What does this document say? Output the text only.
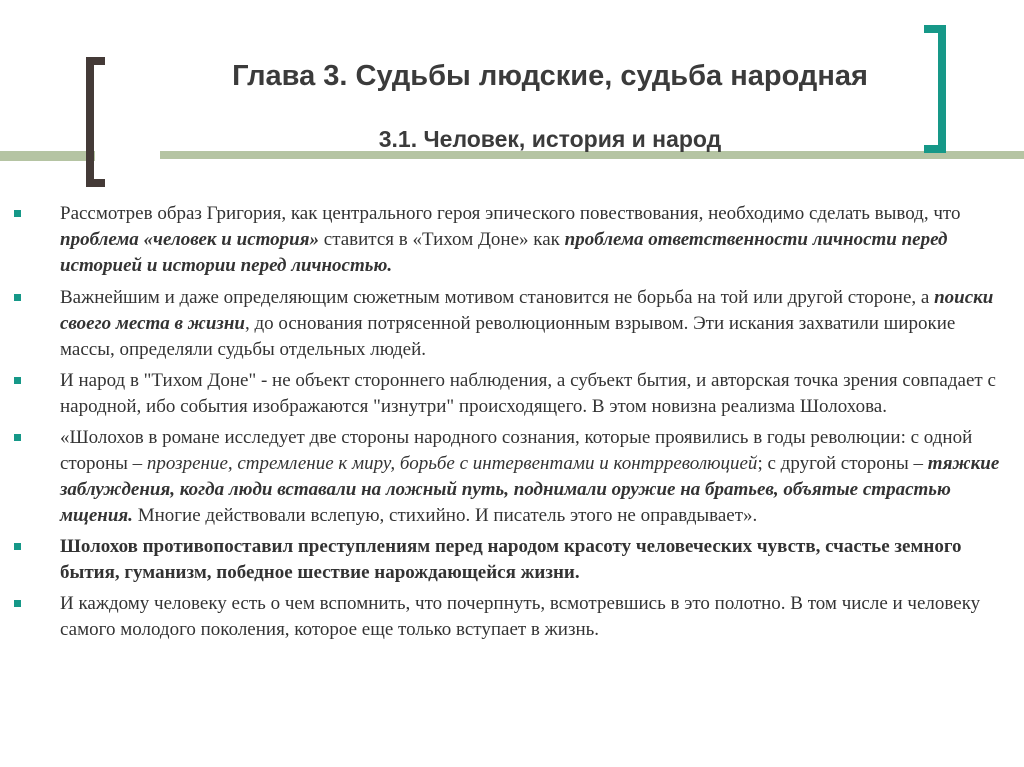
Глава 3. Судьбы людские, судьба народная
3.1. Человек, история и народ
Рассмотрев образ Григория, как центрального героя эпического повествования, необходимо сделать вывод, что проблема «человек и история» ставится в «Тихом Доне» как проблема ответственности личности перед историей и истории перед личностью.
Важнейшим и даже определяющим сюжетным мотивом становится не борьба на той или другой стороне, а поиски своего места в жизни, до основания потрясенной революционным взрывом. Эти искания захватили широкие массы, определяли судьбы отдельных людей.
И народ в "Тихом Доне" - не объект стороннего наблюдения, а субъект бытия, и авторская точка зрения совпадает с народной, ибо события изображаются "изнутри" происходящего. В этом новизна реализма Шолохова.
«Шолохов в романе исследует две стороны народного сознания, которые проявились в годы революции: с одной стороны – прозрение, стремление к миру, борьбе с интервентами и контрреволюцией; с другой стороны – тяжкие заблуждения, когда люди вставали на ложный путь, поднимали оружие на братьев, объятые страстью мщения. Многие действовали вслепую, стихийно. И писатель этого не оправдывает».
Шолохов противопоставил преступлениям перед народом красоту человеческих чувств, счастье земного бытия, гуманизм, победное шествие нарождающейся жизни.
И каждому человеку есть о чем вспомнить, что почерпнуть, всмотревшись в это полотно. В том числе и человеку самого молодого поколения, которое еще только вступает в жизнь.
